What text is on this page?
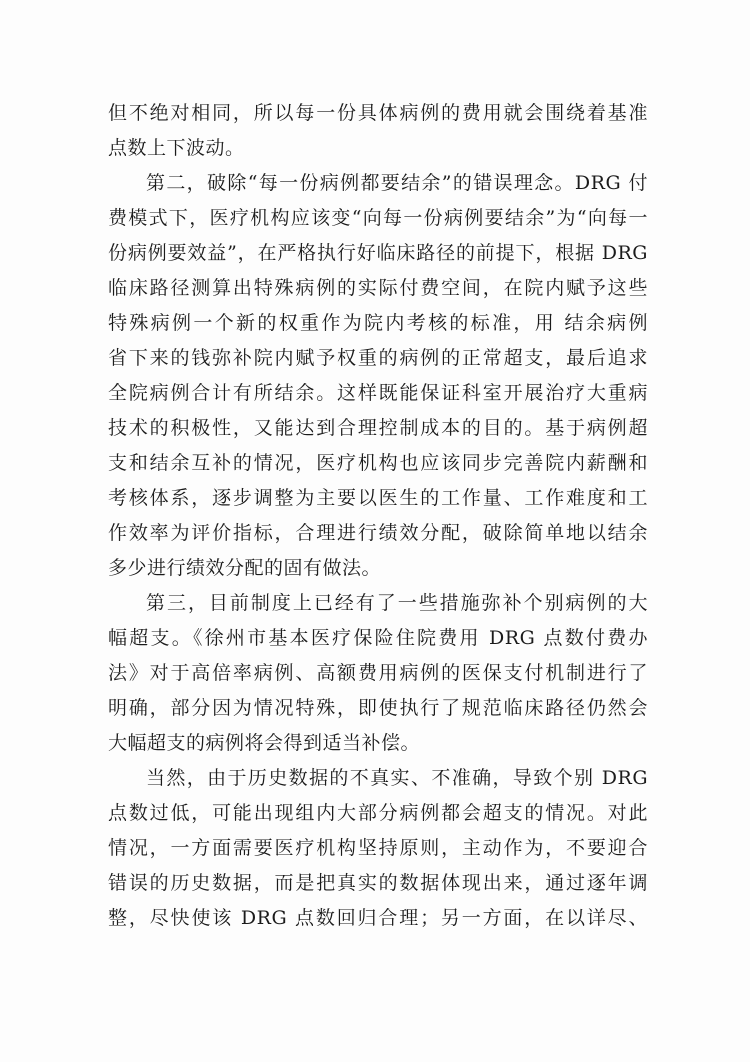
但不绝对相同，所以每一份具体病例的费用就会围绕着基准
点数上下波动。
第二，破除“每一份病例都要结余”的错误理念。DRG 付
费模式下，医疗机构应该变“向每一份病例要结余”为“向每一
份病例要效益”，在严格执行好临床路径的前提下，根据 DRG
临床路径测算出特殊病例的实际付费空间，在院内赋予这些
特殊病例一个新的权重作为院内考核的标准，用 结余病例
省下来的钱弥补院内赋予权重的病例的正常超支，最后追求
全院病例合计有所结余。这样既能保证科室开展治疗大重病
技术的积极性，又能达到合理控制成本的目的。基于病例超
支和结余互补的情况，医疗机构也应该同步完善院内薪酬和
考核体系，逐步调整为主要以医生的工作量、工作难度和工
作效率为评价指标，合理进行绩效分配，破除简单地以结余
多少进行绩效分配的固有做法。
第三，目前制度上已经有了一些措施弥补个别病例的大
幅超支。《徐州市基本医疗保险住院费用 DRG 点数付费办
法》对于高倍率病例、高额费用病例的医保支付机制进行了
明确，部分因为情况特殊，即使执行了规范临床路径仍然会
大幅超支的病例将会得到适当补偿。
当然，由于历史数据的不真实、不准确，导致个别 DRG
点数过低，可能出现组内大部分病例都会超支的情况。对此
情况，一方面需要医疗机构坚持原则，主动作为，不要迎合
错误的历史数据，而是把真实的数据体现出来，通过逐年调
整，尽快使该 DRG 点数回归合理；另一方面，在以详尽、
